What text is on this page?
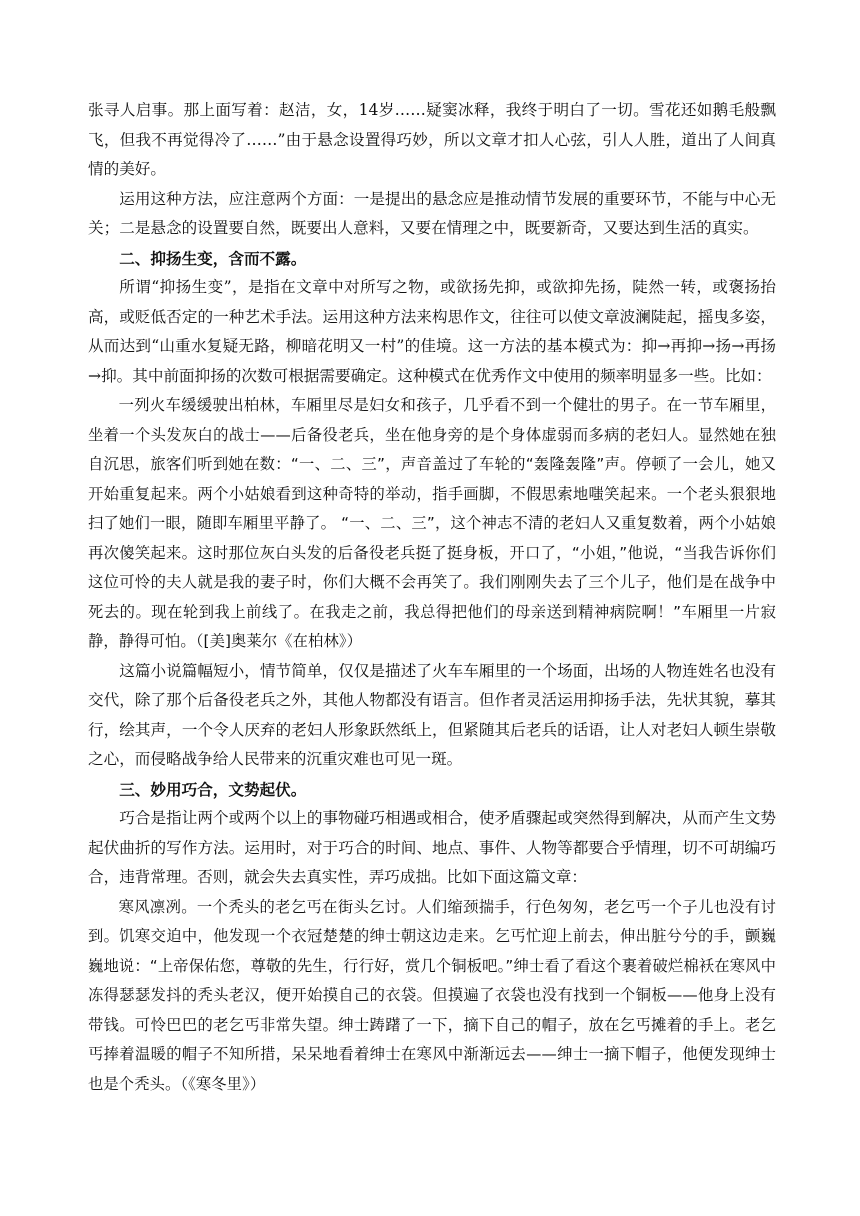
张寻人启事。那上面写着：赵洁，女，14岁……疑窦冰释，我终于明白了一切。雪花还如鹅毛般飘飞，但我不再觉得冷了……”由于悬念设置得巧妙，所以文章才扣人心弦，引人人胜，道出了人间真情的美好。

运用这种方法，应注意两个方面：一是提出的悬念应是推动情节发展的重要环节，不能与中心无关；二是悬念的设置要自然，既要出人意料，又要在情理之中，既要新奇，又要达到生活的真实。

二、抑扬生变，含而不露。

所谓“抑扬生变”，是指在文章中对所写之物，或欲扬先抑，或欲抑先扬，陡然一转，或褒扬抬高，或贬低否定的一种艺术手法。运用这种方法来构思作文，往往可以使文章波澜陡起，摇曳多姿，从而达到“山重水复疑无路，柳暗花明又一村”的佳境。这一方法的基本模式为：抑→再抑→扬→再扬→抑。其中前面抑扬的次数可根据需要确定。这种模式在优秀作文中使用的频率明显多一些。比如：

一列火车缓缓驶出柏林，车厢里尽是妇女和孩子，几乎看不到一个健壮的男子。在一节车厢里，坐着一个头发灰白的战士——后备役老兵，坐在他身旁的是个身体虚弱而多病的老妇人。显然她在独自沉思，旅客们听到她在数：“一、二、三”，声音盖过了车轮的“轰隆轰隆”声。停顿了一会儿，她又开始重复起来。两个小姑娘看到这种奇特的举动，指手画脚，不假思索地嗤笑起来。一个老头狠狠地扫了她们一眼，随即车厢里平静了。 “一、二、三”，这个神志不清的老妇人又重复数着，两个小姑娘再次傻笑起来。这时那位灰白头发的后备役老兵挺了挺身板，开口了，“小姐，”他说，“当我告诉你们这位可怜的夫人就是我的妻子时，你们大概不会再笑了。我们刚刚失去了三个儿子，他们是在战争中死去的。现在轮到我上前线了。在我走之前，我总得把他们的母亲送到精神病院啊！”车厢里一片寂静，静得可怕。（[美]奥莱尔《在柏林》）

这篇小说篇幅短小，情节简单，仅仅是描述了火车车厢里的一个场面，出场的人物连姓名也没有交代，除了那个后备役老兵之外，其他人物都没有语言。但作者灵活运用抑扬手法，先状其貌，摹其行，绘其声，一个令人厌弃的老妇人形象跃然纸上，但紧随其后老兵的话语，让人对老妇人顿生崇敬之心，而侵略战争给人民带来的沉重灾难也可见一斑。

三、妙用巧合，文势起伏。

巧合是指让两个或两个以上的事物碰巧相遇或相合，使矛盾骤起或突然得到解决，从而产生文势起伏曲折的写作方法。运用时，对于巧合的时间、地点、事件、人物等都要合乎情理，切不可胡编巧合，违背常理。否则，就会失去真实性，弄巧成拙。比如下面这篇文章：

寒风凛冽。一个秃头的老乞丐在街头乞讨。人们缩颈揣手，行色匆匆，老乞丐一个子儿也没有讨到。饥寒交迫中，他发现一个衣冠楚楚的绅士朝这边走来。乞丐忙迎上前去，伸出脏兮兮的手，颤巍巍地说：“上帝保佑您，尊敬的先生，行行好，赏几个铜板吧。”绅士看了看这个裹着破烂棉袄在寒风中冻得瑟瑟发抖的秃头老汉，便开始摸自己的衣袋。但摸遍了衣袋也没有找到一个铜板——他身上没有带钱。可怜巴巴的老乞丐非常失望。绅士踌躇了一下，摘下自己的帽子，放在乞丐摊着的手上。老乞丐捧着温暖的帽子不知所措，呆呆地看着绅士在寒风中渐渐远去——绅士一摘下帽子，他便发现绅士也是个秃头。（《寒冬里》）
